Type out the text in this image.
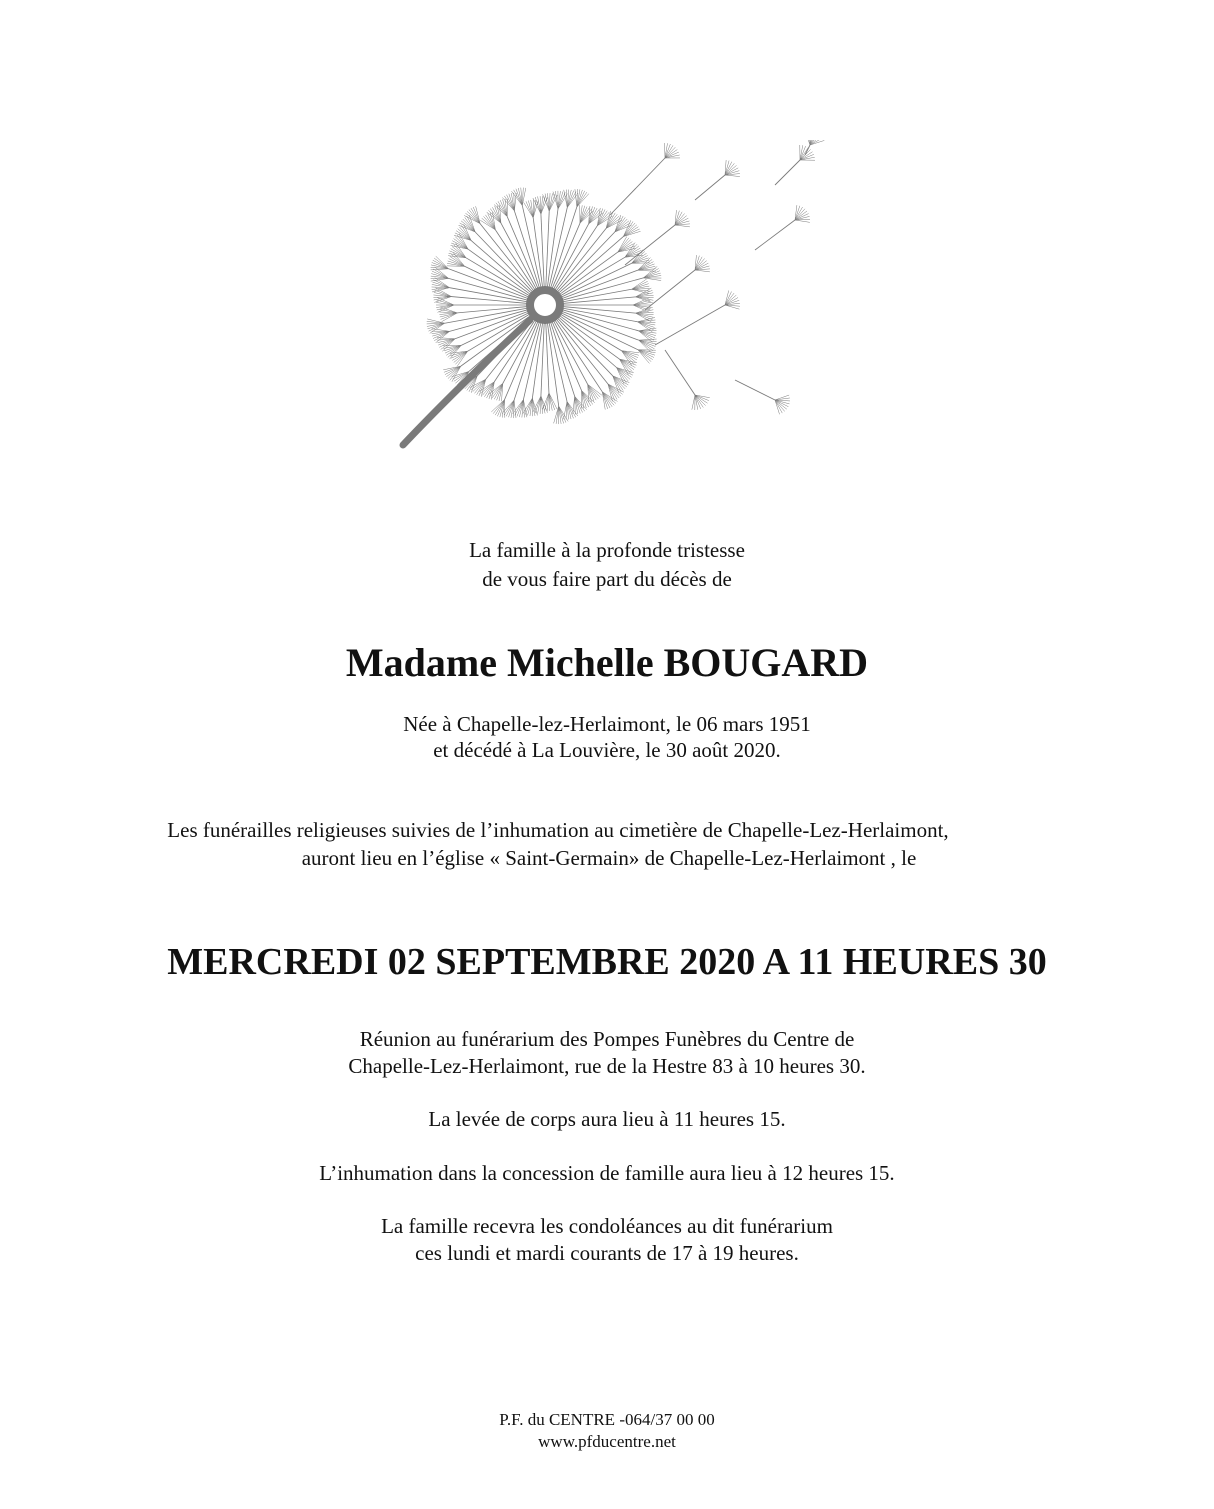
La famille à la profonde tristesse
de vous faire part du décès de
Madame Michelle BOUGARD
Née à Chapelle-lez-Herlaimont, le 06 mars 1951
et décédé à La Louvière, le 30 août 2020.
Les funérailles religieuses suivies de l’inhumation au cimetière de Chapelle-Lez-Herlaimont,
auront lieu en l’église « Saint-Germain» de Chapelle-Lez-Herlaimont , le
MERCREDI 02 SEPTEMBRE 2020 A 11 HEURES 30
Réunion au funérarium des Pompes Funèbres du Centre de
Chapelle-Lez-Herlaimont, rue de la Hestre 83 à 10 heures 30.
La levée de corps aura lieu à 11 heures 15.
L’inhumation dans la concession de famille aura lieu à 12 heures 15.
La famille recevra les condoléances au dit funérarium
ces lundi et mardi courants de 17 à 19 heures.
P.F. du CENTRE -064/37 00 00
www.pfducentre.net
